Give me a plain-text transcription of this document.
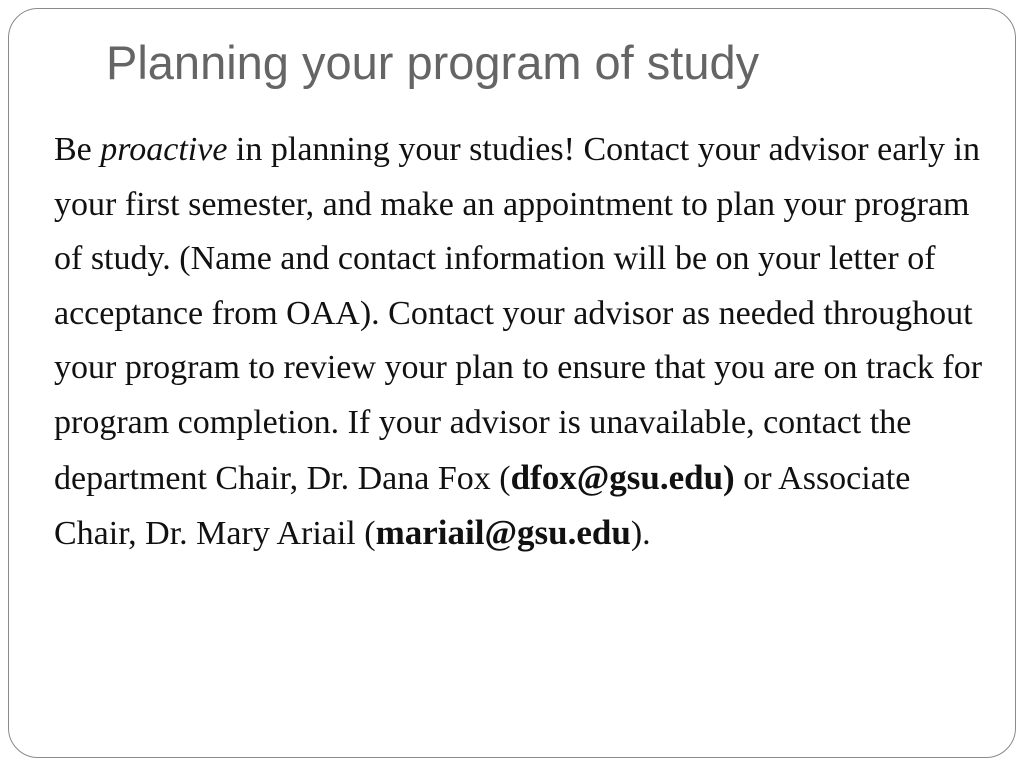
Planning your program of study

Be proactive in planning your studies! Contact your advisor early in your first semester, and make an appointment to plan your program of study. (Name and contact information will be on your letter of acceptance from OAA). Contact your advisor as needed throughout your program to review your plan to ensure that you are on track for program completion. If your advisor is unavailable, contact the department Chair, Dr. Dana Fox (dfox@gsu.edu) or Associate Chair, Dr. Mary Ariail (mariail@gsu.edu).
